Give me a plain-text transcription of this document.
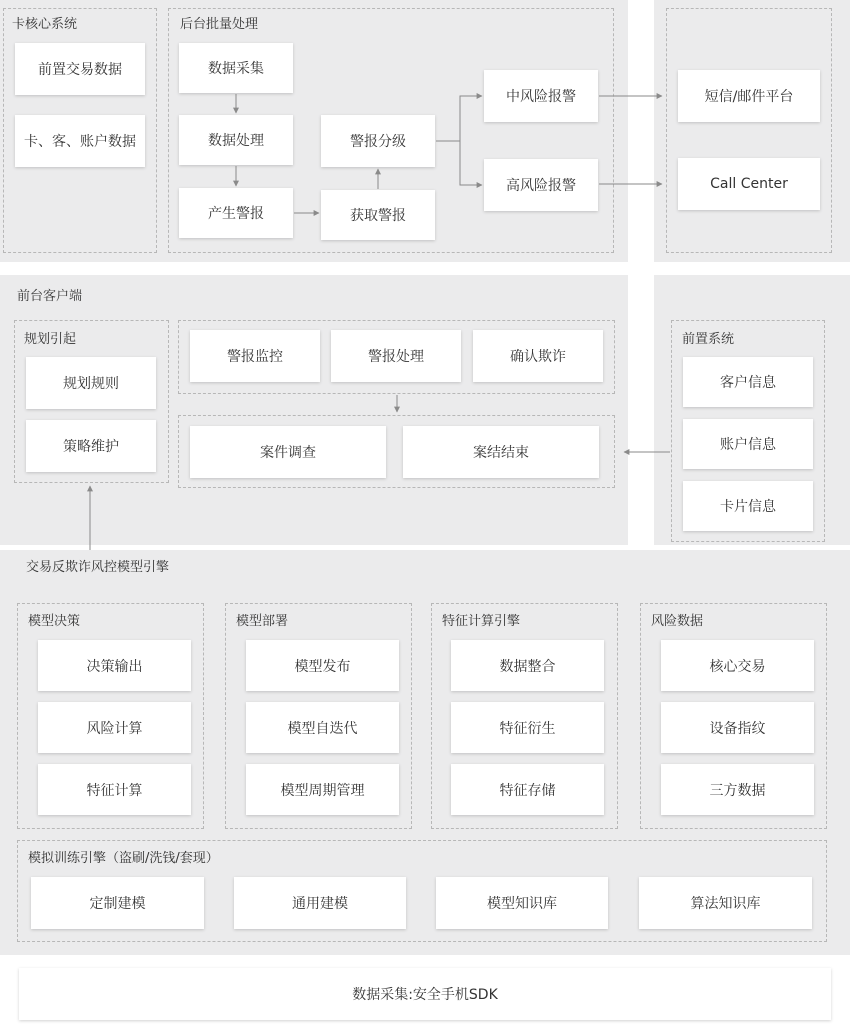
卡核心系统
前置交易数据
卡、客、账户数据
后台批量处理
数据采集
数据处理
产生警报	获取警报
警报分级
中风险报警
高风险报警
短信/邮件平台
Call Center
前台客户端
规划引起
规划规则
策略维护
警报监控	警报处理	确认欺诈
案件调查	案结结束
前置系统
客户信息
账户信息
卡片信息
交易反欺诈风控模型引擎
模型决策
决策输出
风险计算
特征计算
模型部署
模型发布
模型自迭代
模型周期管理
特征计算引擎
数据整合
特征衍生
特征存储
风险数据
核心交易
设备指纹
三方数据
模拟训练引擎（盗刷/洗钱/套现）
定制建模	通用建模	模型知识库	算法知识库
数据采集:安全手机SDK
